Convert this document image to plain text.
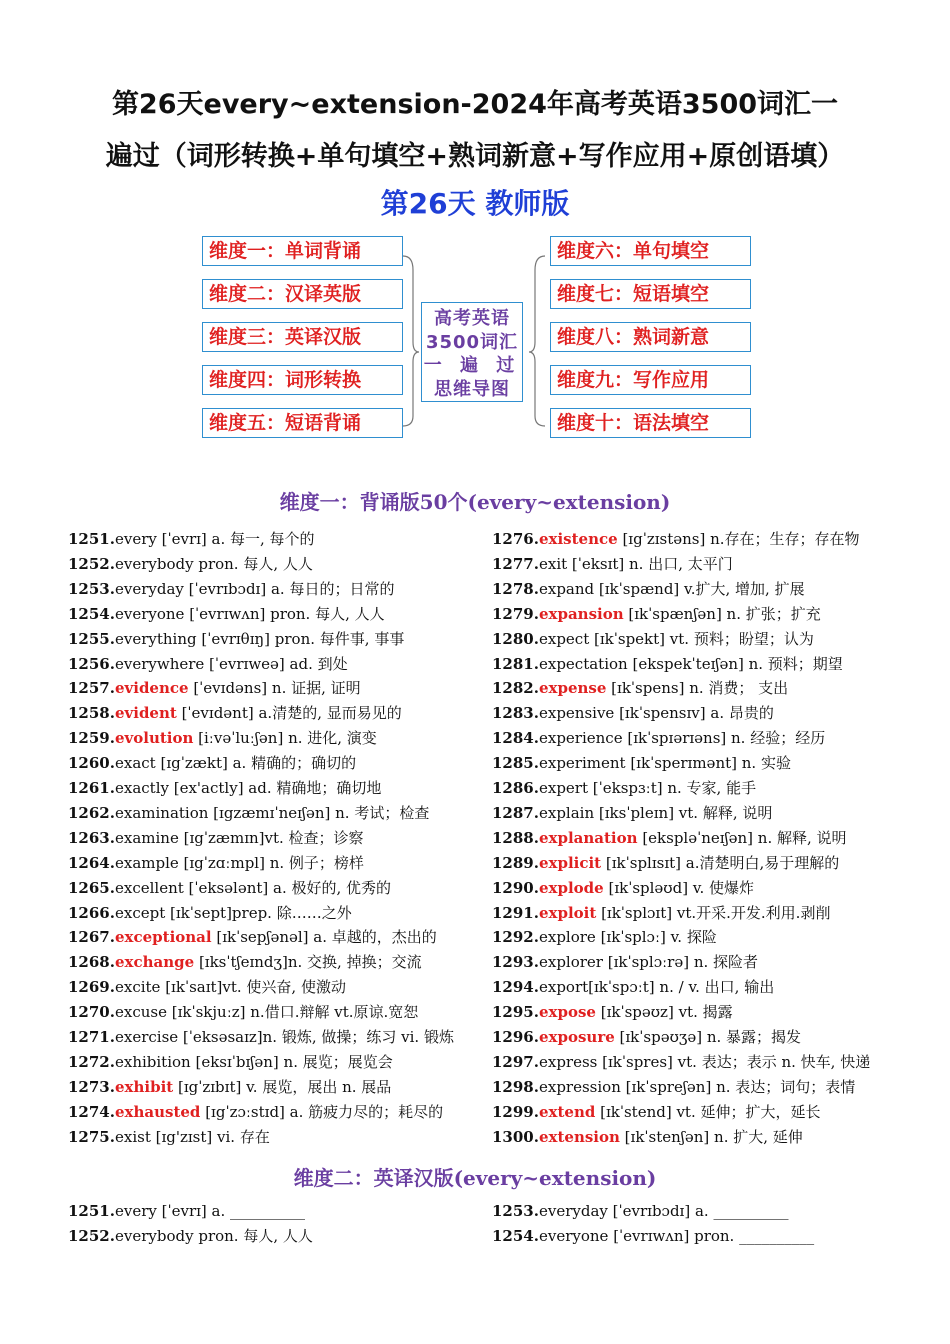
第26天every~extension-2024年高考英语3500词汇一
遍过（词形转换+单句填空+熟词新意+写作应用+原创语填）
第26天 教师版
维度一：单词背诵
维度二：汉译英版
维度三：英译汉版
维度四：词形转换
维度五：短语背诵
高考英语
3500词汇
一 遍 过
思维导图
维度六：单句填空
维度七：短语填空
维度八：熟词新意
维度九：写作应用
维度十：语法填空
维度一：背诵版50个(every~extension)
1251.every [ˈevrɪ] a. 每一, 每个的
1252.everybody pron. 每人, 人人
1253.everyday [ˈevrɪbɔdɪ] a. 每日的；日常的
1254.everyone [ˈevrɪwʌn] pron. 每人, 人人
1255.everything [ˈevrɪθɪŋ] pron. 每件事, 事事
1256.everywhere [ˈevrɪweə] ad. 到处
1257.evidence [ˈevɪdəns] n. 证据, 证明
1258.evident [ˈevɪdənt] a.清楚的, 显而易见的
1259.evolution [iːvəˈluːʃən] n. 进化, 演变
1260.exact [ɪgˈzækt] a. 精确的；确切的
1261.exactly [ex'actly] ad. 精确地；确切地
1262.examination [ɪgzæmɪˈneɪʃən] n. 考试；检查
1263.examine [ɪgˈzæmɪn]vt. 检查；诊察
1264.example [ɪgˈzɑːmpl] n. 例子；榜样
1265.excellent [ˈeksələnt] a. 极好的, 优秀的
1266.except [ɪkˈsept]prep. 除……之外
1267.exceptional [ɪkˈsepʃənəl] a. 卓越的，杰出的
1268.exchange [ɪksˈtʃeɪndʒ]n. 交换, 掉换；交流
1269.excite [ɪkˈsaɪt]vt. 使兴奋, 使激动
1270.excuse [ɪkˈskjuːz] n.借口.辩解 vt.原谅.宽恕
1271.exercise [ˈeksəsaɪz]n. 锻炼, 做操；练习 vi. 锻炼
1272.exhibition [eksɪˈbɪʃən] n. 展览；展览会
1273.exhibit [ɪgˈzɪbɪt] v. 展览，展出 n. 展品
1274.exhausted [ɪgˈzɔːstɪd] a. 筋疲力尽的；耗尽的
1275.exist [ɪg'zɪst] vi. 存在
1276.existence [ɪgˈzɪstəns] n.存在；生存；存在物
1277.exit [ˈeksɪt] n. 出口, 太平门
1278.expand [ɪkˈspænd] v.扩大, 增加, 扩展
1279.expansion [ɪkˈspænʃən] n. 扩张；扩充
1280.expect [ɪkˈspekt] vt. 预料；盼望；认为
1281.expectation [ekspekˈteɪʃən] n. 预料；期望
1282.expense [ɪkˈspens] n. 消费； 支出
1283.expensive [ɪkˈspensɪv] a. 昂贵的
1284.experience [ɪkˈspɪərɪəns] n. 经验；经历
1285.experiment [ɪkˈsperɪmənt] n. 实验
1286.expert [ˈekspɜːt] n. 专家, 能手
1287.explain [ɪksˈpleɪn] vt. 解释, 说明
1288.explanation [ekspləˈneɪʃən] n. 解释, 说明
1289.explicit [ɪkˈsplɪsɪt] a.清楚明白,易于理解的
1290.explode [ɪkˈspləʊd] v. 使爆炸
1291.exploit [ɪkˈsplɔɪt] vt.开采.开发.利用.剥削
1292.explore [ɪkˈsplɔː] v. 探险
1293.explorer [ɪkˈsplɔːrə] n. 探险者
1294.export[ɪkˈspɔːt] n. / v. 出口, 输出
1295.expose [ɪkˈspəʊz] vt. 揭露
1296.exposure [ɪkˈspəʊʒə] n. 暴露；揭发
1297.express [ɪkˈspres] vt. 表达；表示 n. 快车, 快递
1298.expression [ɪkˈspreʃən] n. 表达；词句；表情
1299.extend [ɪkˈstend] vt. 延伸；扩大，延长
1300.extension [ɪkˈstenʃən] n. 扩大, 延伸
维度二：英译汉版(every~extension)
1251.every [ˈevrɪ] a. __________
1252.everybody pron. 每人, 人人
1253.everyday [ˈevrɪbɔdɪ] a. __________
1254.everyone [ˈevrɪwʌn] pron. __________
